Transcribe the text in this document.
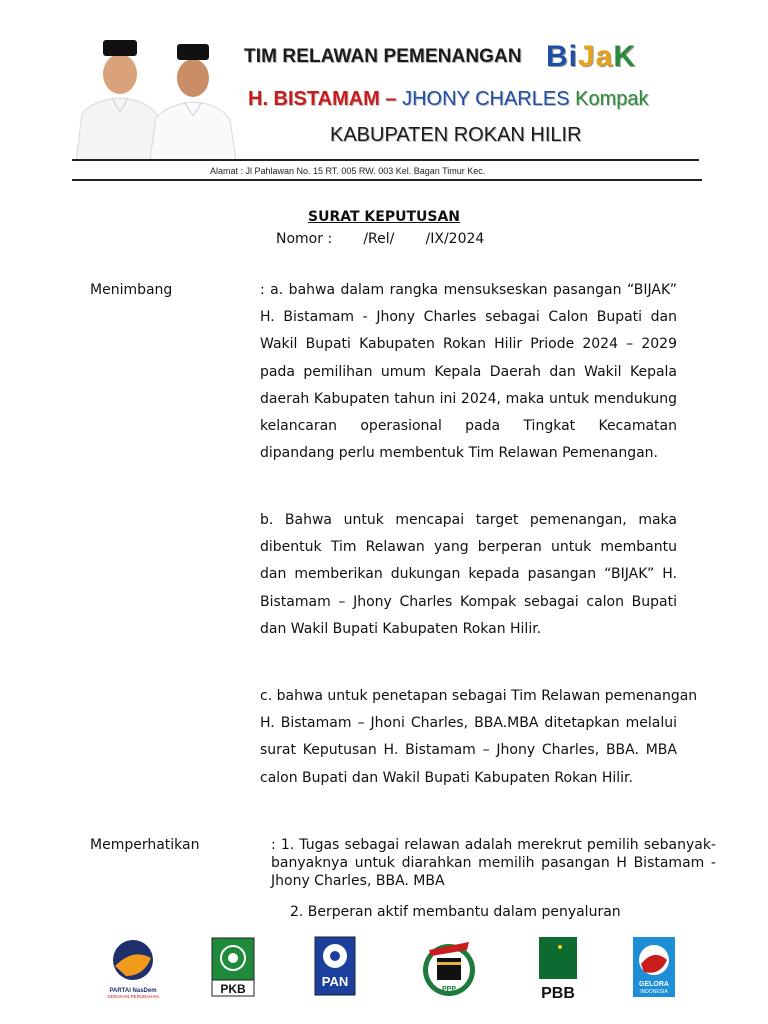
TIM RELAWAN PEMENANGAN BiJaK
H. BISTAMAM – JHONY CHARLES Kompak
KABUPATEN ROKAN HILIR
Alamat : Jl Pahlawan No. 15 RT. 005 RW. 003 Kel. Bagan Timur Kec.
SURAT KEPUTUSAN
Nomor :       /Rel/       /IX/2024
Menimbang	: a. bahwa dalam rangka mensukseskan pasangan “BIJAK” H. Bistamam - Jhony Charles sebagai Calon Bupati dan Wakil Bupati Kabupaten Rokan Hilir Priode 2024 – 2029 pada pemilihan umum Kepala Daerah dan Wakil Kepala daerah Kabupaten tahun ini 2024, maka untuk mendukung kelancaran operasional pada Tingkat Kecamatan dipandang perlu membentuk Tim Relawan Pemenangan.
b. Bahwa untuk mencapai target pemenangan, maka dibentuk Tim Relawan yang berperan untuk membantu dan memberikan dukungan kepada pasangan “BIJAK” H. Bistamam – Jhony Charles Kompak sebagai calon Bupati dan Wakil Bupati Kabupaten Rokan Hilir.
c. bahwa untuk penetapan sebagai Tim Relawan pemenangan
H. Bistamam – Jhoni Charles, BBA.MBA ditetapkan melalui surat Keputusan H. Bistamam – Jhony Charles, BBA. MBA calon Bupati dan Wakil Bupati Kabupaten Rokan Hilir.
Memperhatikan	: 1. Tugas sebagai relawan adalah merekrut pemilih sebanyak-banyaknya untuk diarahkan memilih pasangan H Bistamam - Jhony Charles, BBA. MBA
2. Berperan aktif membantu dalam penyaluran
PARTAI NasDem
GERAKAN PERUBAHAN
PKB	PAN
PPP	PBB
GELORA
INDONESIA
